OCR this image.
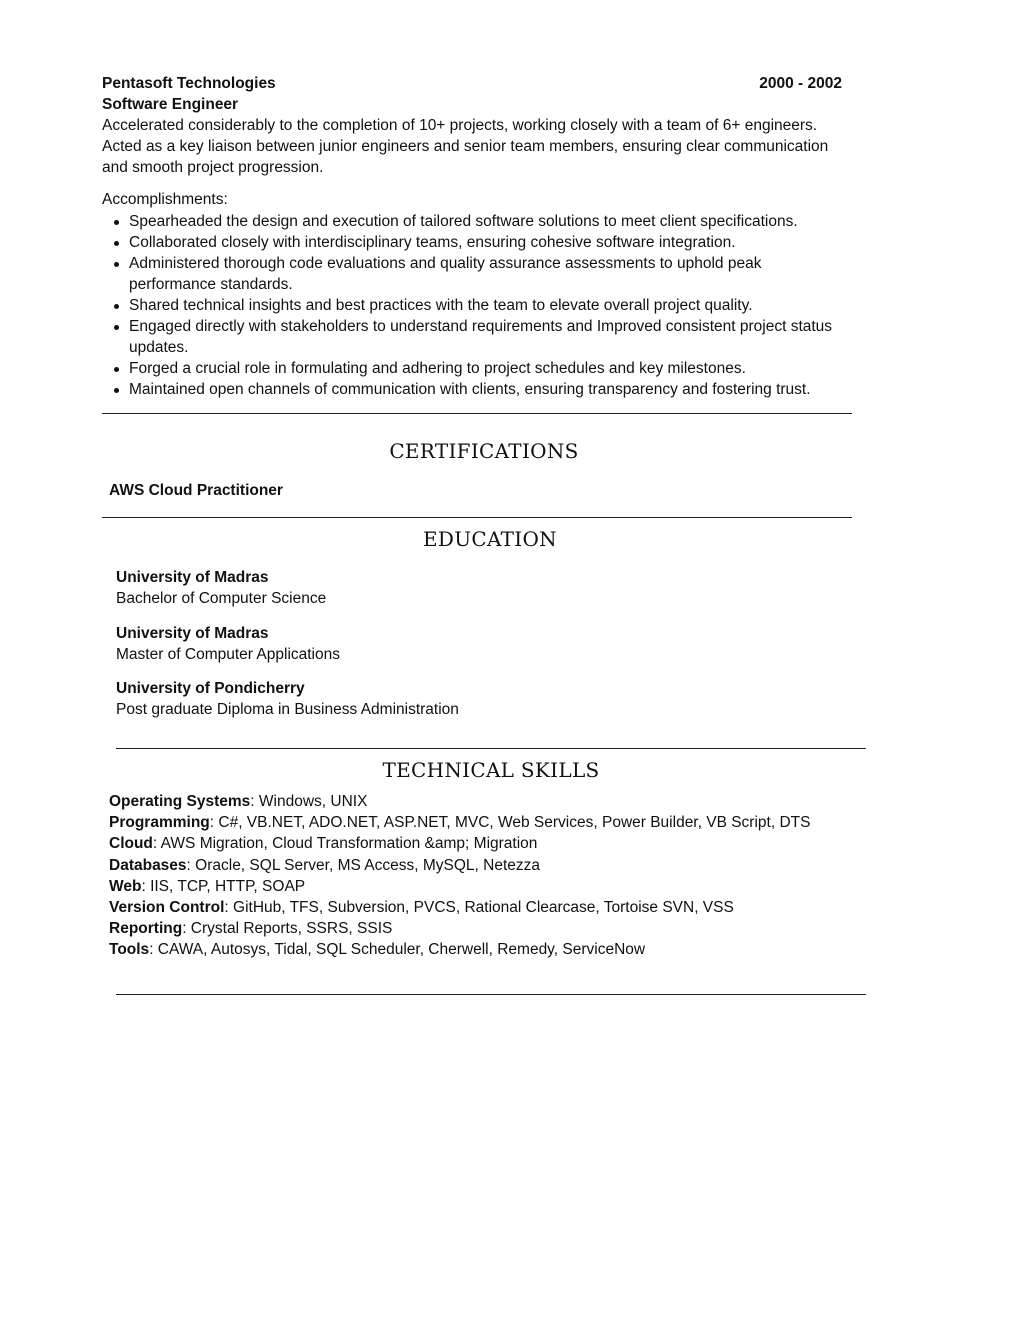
Pentasoft Technologies	2000 - 2002
Software Engineer
Accelerated considerably to the completion of 10+ projects, working closely with a team of 6+ engineers. Acted as a key liaison between junior engineers and senior team members, ensuring clear communication and smooth project progression.
Accomplishments:
Spearheaded the design and execution of tailored software solutions to meet client specifications.
Collaborated closely with interdisciplinary teams, ensuring cohesive software integration.
Administered thorough code evaluations and quality assurance assessments to uphold peak performance standards.
Shared technical insights and best practices with the team to elevate overall project quality.
Engaged directly with stakeholders to understand requirements and Improved consistent project status updates.
Forged a crucial role in formulating and adhering to project schedules and key milestones.
Maintained open channels of communication with clients, ensuring transparency and fostering trust.
CERTIFICATIONS
AWS Cloud Practitioner
EDUCATION
University of Madras
Bachelor of Computer Science
University of Madras
Master of Computer Applications
University of Pondicherry
Post graduate Diploma in Business Administration
TECHNICAL SKILLS
Operating Systems: Windows, UNIX
Programming: C#, VB.NET, ADO.NET, ASP.NET, MVC, Web Services, Power Builder, VB Script, DTS
Cloud: AWS Migration, Cloud Transformation &amp; Migration
Databases: Oracle, SQL Server, MS Access, MySQL, Netezza
Web: IIS, TCP, HTTP, SOAP
Version Control: GitHub, TFS, Subversion, PVCS, Rational Clearcase, Tortoise SVN, VSS
Reporting: Crystal Reports, SSRS, SSIS
Tools: CAWA, Autosys, Tidal, SQL Scheduler, Cherwell, Remedy, ServiceNow
